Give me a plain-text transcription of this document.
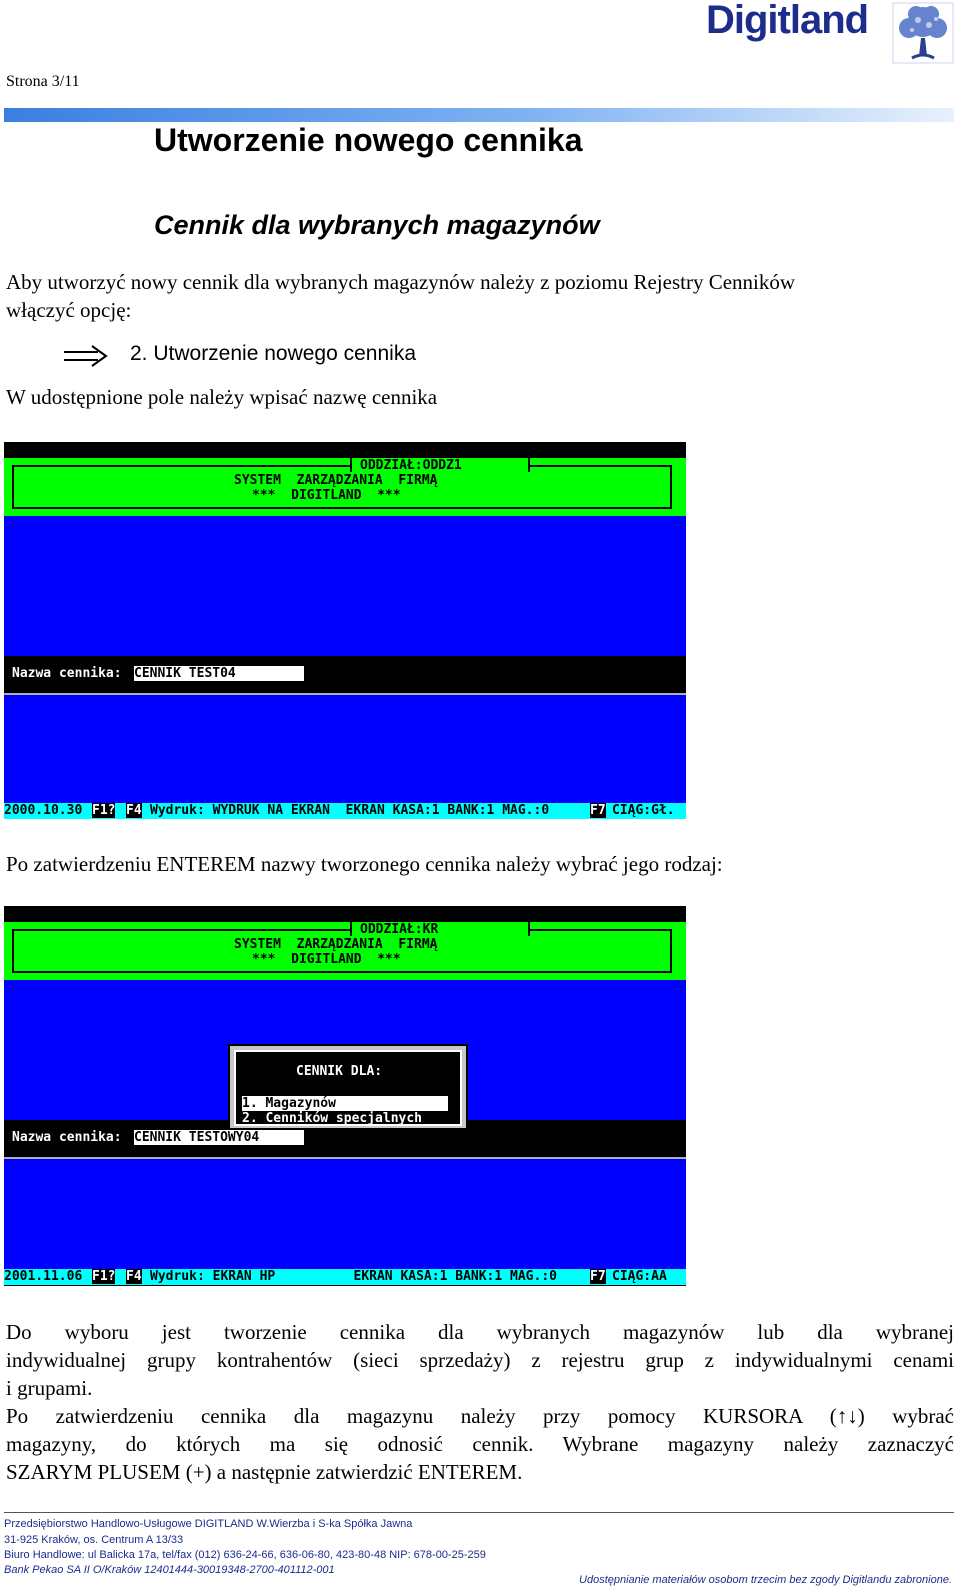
Digitland
Strona 3/11
Utworzenie nowego cennika
Cennik dla wybranych magazynów
Aby utworzyć nowy cennik dla wybranych magazynów należy z poziomu Rejestry Cenników
włączyć opcję:
2. Utworzenie nowego cennika
W udostępnione pole należy wpisać nazwę cennika
ODDZIAŁ:ODDZ1
SYSTEM  ZARZĄDZANIA  FIRMĄ
***  DIGITLAND  ***
Nazwa cennika: CENNIK TEST04
2000.10.30 F1? F4 Wydruk: WYDRUK NA EKRAN  EKRAN KASA:1 BANK:1 MAG.:0	F7 CIĄG:Gł.
Po zatwierdzeniu ENTEREM nazwy tworzonego cennika należy wybrać jego rodzaj:
ODDZIAŁ:KR
SYSTEM  ZARZĄDZANIA  FIRMĄ
***  DIGITLAND  ***
Nazwa cennika: CENNIK TESTOWY04
CENNIK DLA:
1. Magazynów
2. Cenników specjalnych
2001.11.06 F1? F4 Wydruk: EKRAN HP          EKRAN KASA:1 BANK:1 MAG.:0	F7 CIĄG:AA
Do wyboru jest tworzenie cennika dla wybranych magazynów lub dla wybranej
indywidualnej grupy kontrahentów (sieci sprzedaży) z rejestru grup z indywidualnymi cenami
i grupami.
Po zatwierdzeniu cennika dla magazynu należy przy pomocy KURSORA (↑↓) wybrać
magazyny, do których ma się odnosić cennik. Wybrane magazyny należy zaznaczyć
SZARYM PLUSEM (+) a następnie zatwierdzić ENTEREM.
Przedsiębiorstwo Handlowo-Usługowe DIGITLAND W.Wierzba i S-ka Spółka Jawna
31-925 Kraków, os. Centrum A 13/33
Biuro Handlowe: ul Balicka 17a, tel/fax (012) 636-24-66, 636-06-80, 423-80-48 NIP: 678-00-25-259
Bank Pekao SA II O/Kraków 12401444-30019348-2700-401112-001
Udostępnianie materiałów osobom trzecim bez zgody Digitlandu zabronione.
